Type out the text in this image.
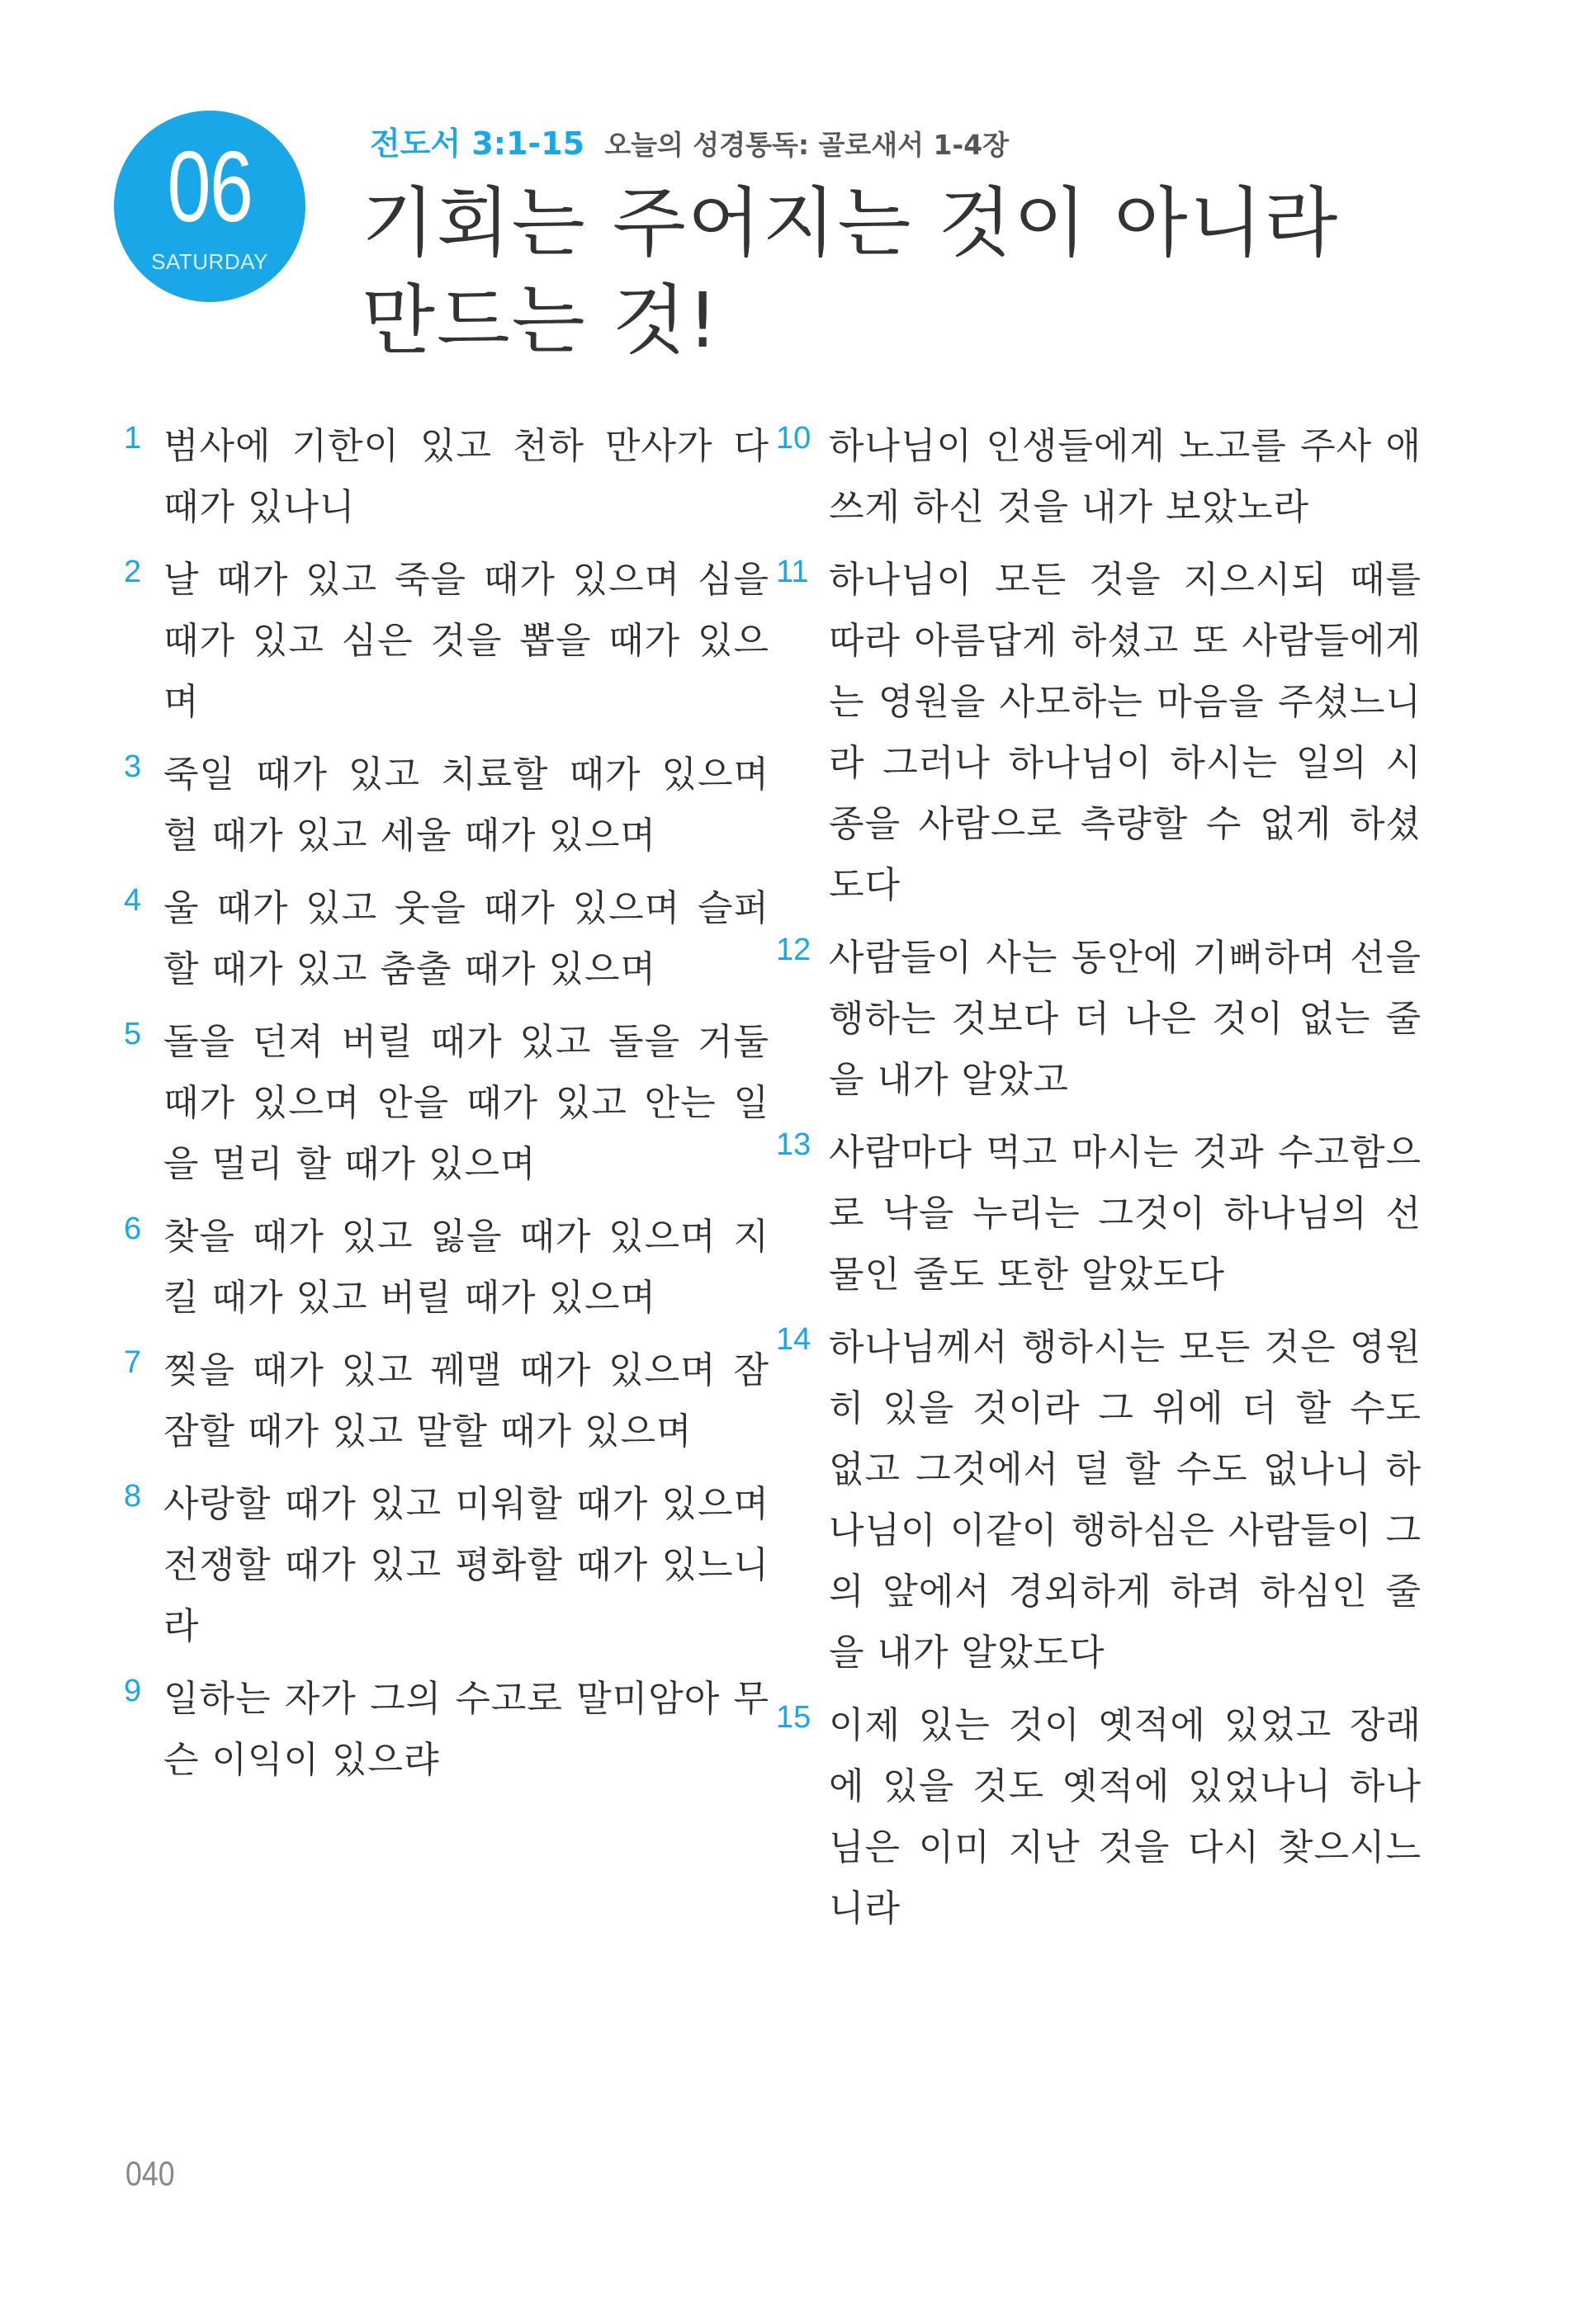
06
SATURDAY
전도서 3:1-15 오늘의 성경통독: 골로새서 1-4장
기회는 주어지는 것이 아니라
만드는 것!
1 범사에 기한이 있고 천하 만사가 다 때가 있나니
2 날 때가 있고 죽을 때가 있으며 심을 때가 있고 심은 것을 뽑을 때가 있으며
3 죽일 때가 있고 치료할 때가 있으며 헐 때가 있고 세울 때가 있으며
4 울 때가 있고 웃을 때가 있으며 슬퍼할 때가 있고 춤출 때가 있으며
5 돌을 던져 버릴 때가 있고 돌을 거둘 때가 있으며 안을 때가 있고 안는 일을 멀리 할 때가 있으며
6 찾을 때가 있고 잃을 때가 있으며 지킬 때가 있고 버릴 때가 있으며
7 찢을 때가 있고 꿰맬 때가 있으며 잠잠할 때가 있고 말할 때가 있으며
8 사랑할 때가 있고 미워할 때가 있으며 전쟁할 때가 있고 평화할 때가 있느니라
9 일하는 자가 그의 수고로 말미암아 무슨 이익이 있으랴
10 하나님이 인생들에게 노고를 주사 애쓰게 하신 것을 내가 보았노라
11 하나님이 모든 것을 지으시되 때를 따라 아름답게 하셨고 또 사람들에게는 영원을 사모하는 마음을 주셨느니라 그러나 하나님이 하시는 일의 시종을 사람으로 측량할 수 없게 하셨도다
12 사람들이 사는 동안에 기뻐하며 선을 행하는 것보다 더 나은 것이 없는 줄을 내가 알았고
13 사람마다 먹고 마시는 것과 수고함으로 낙을 누리는 그것이 하나님의 선물인 줄도 또한 알았도다
14 하나님께서 행하시는 모든 것은 영원히 있을 것이라 그 위에 더 할 수도 없고 그것에서 덜 할 수도 없나니 하나님이 이같이 행하심은 사람들이 그의 앞에서 경외하게 하려 하심인 줄을 내가 알았도다
15 이제 있는 것이 옛적에 있었고 장래에 있을 것도 옛적에 있었나니 하나님은 이미 지난 것을 다시 찾으시느니라
040
